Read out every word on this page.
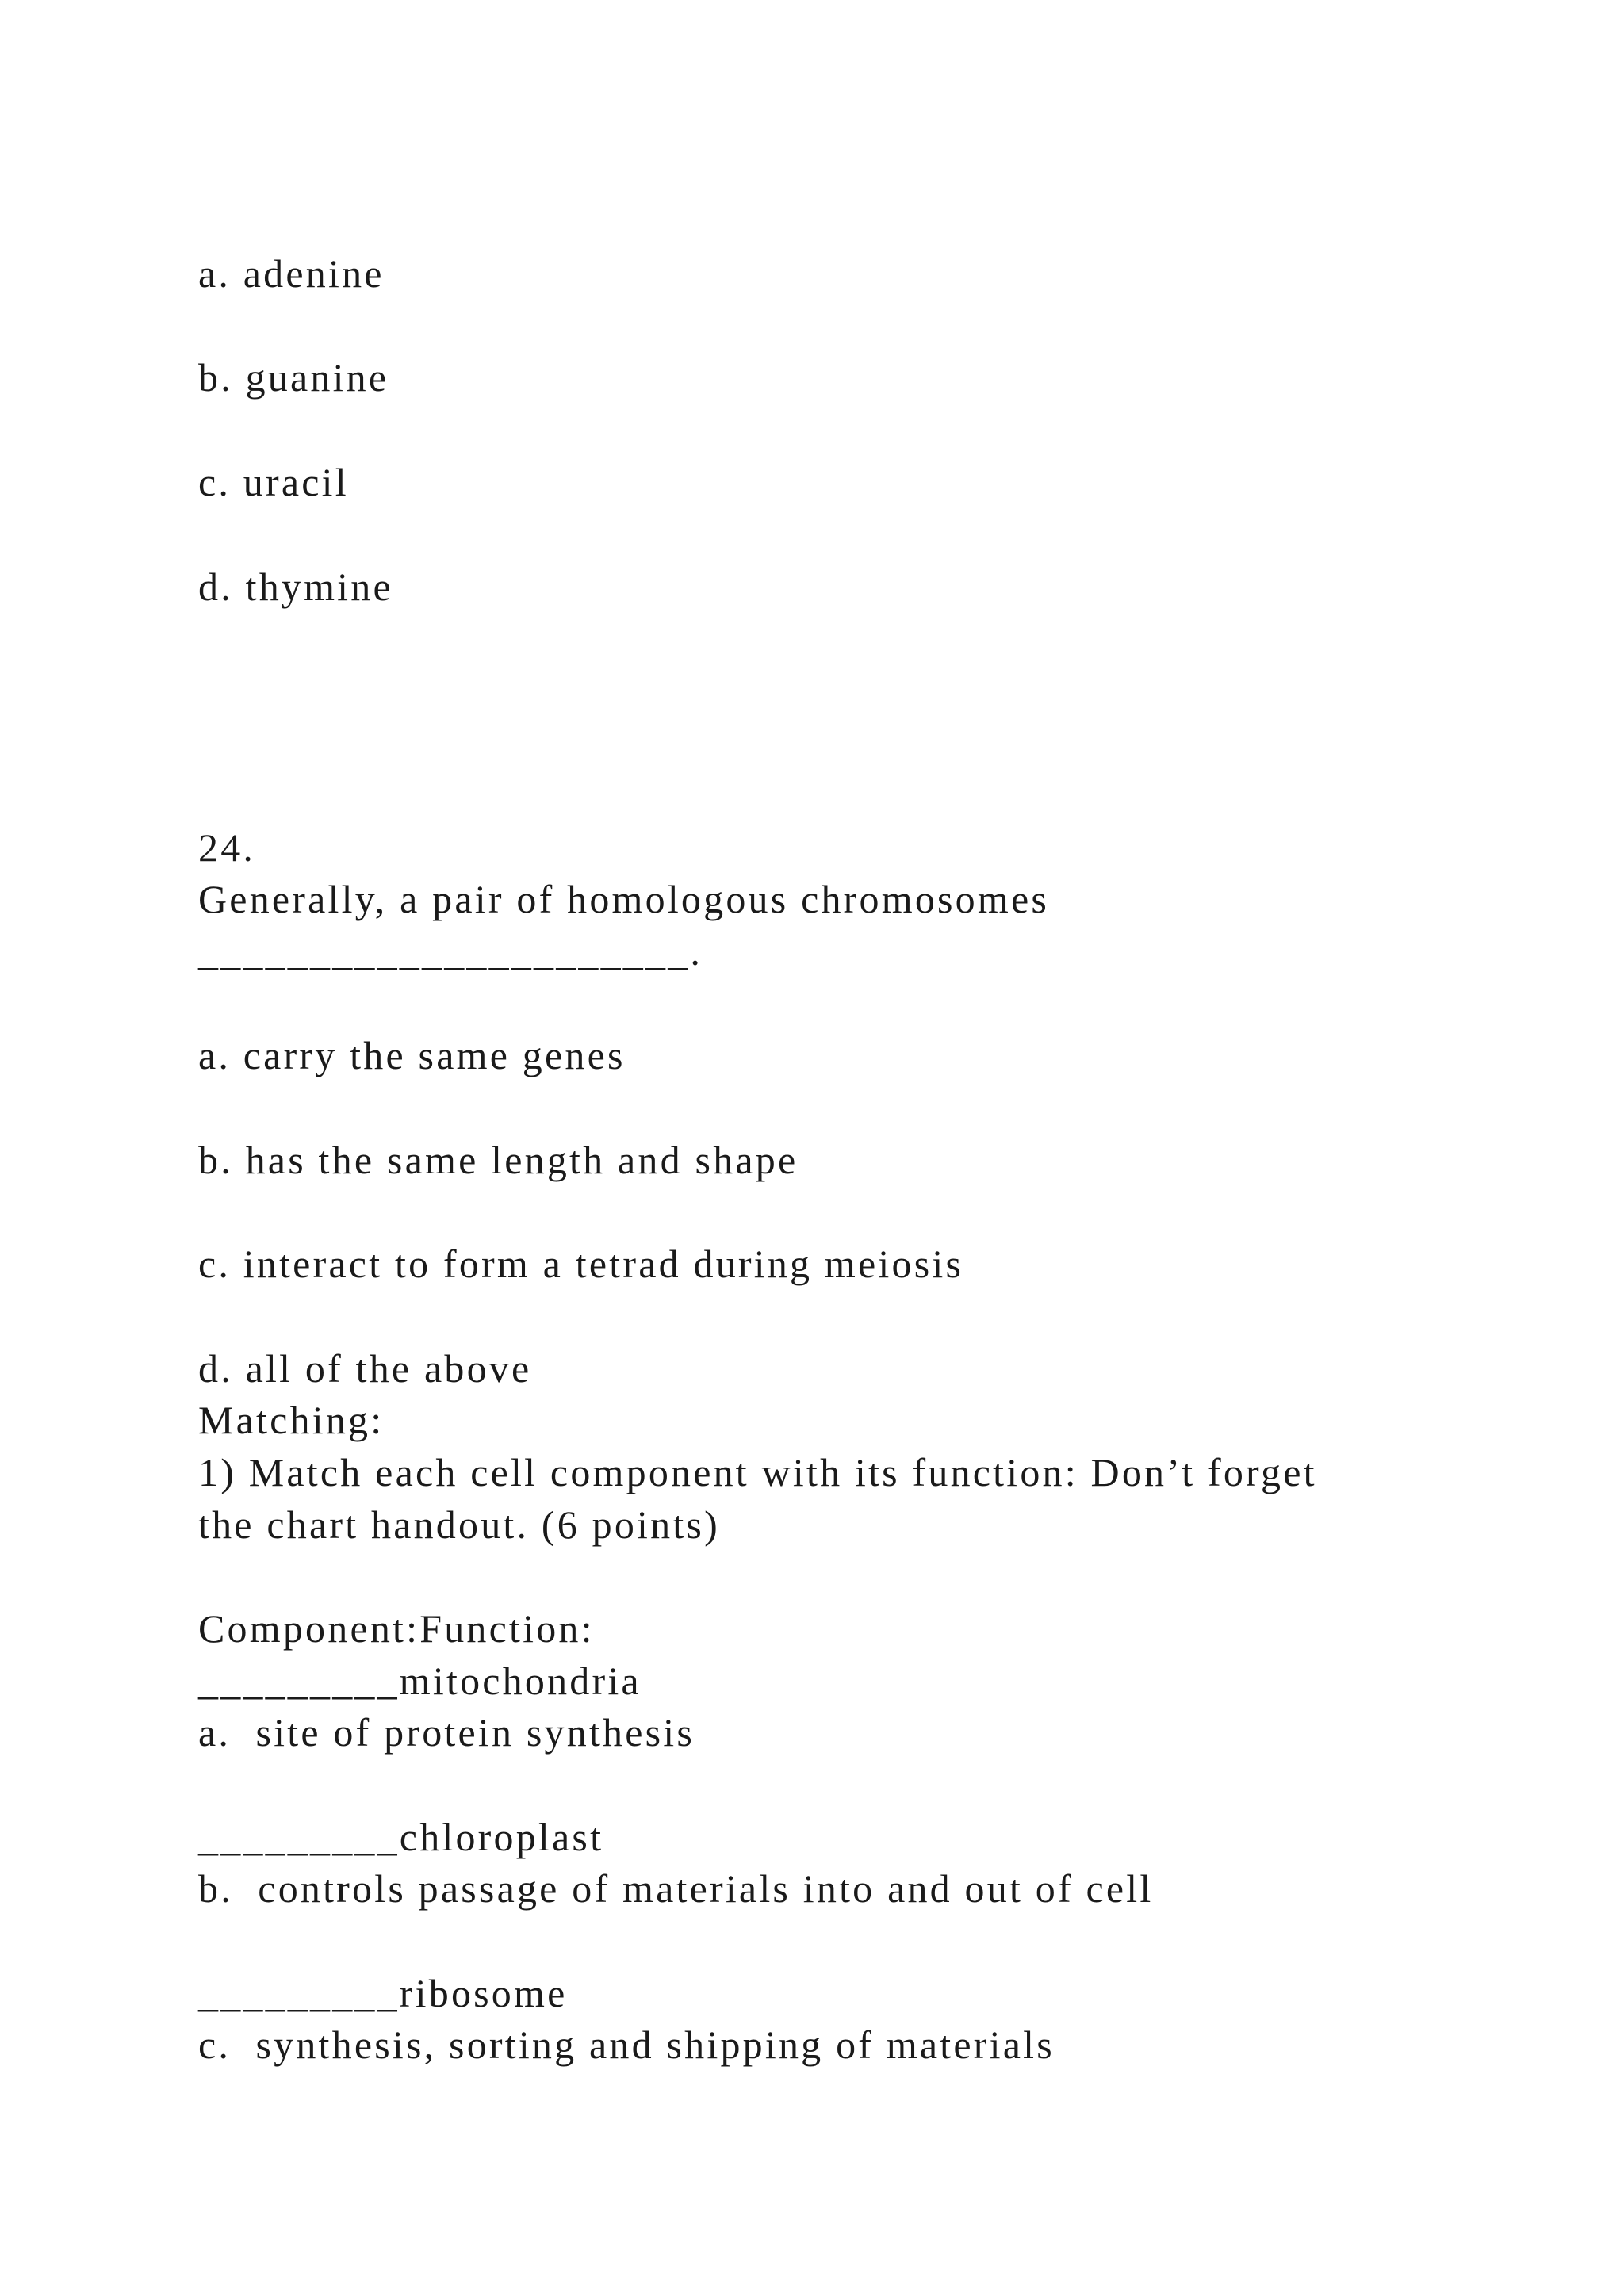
a. adenine
b. guanine
c. uracil
d. thymine
24.
Generally, a pair of homologous chromosomes
______________________.
a. carry the same genes
b. has the same length and shape
c. interact to form a tetrad during meiosis
d. all of the above
Matching:
1) Match each cell component with its function: Don’t forget
the chart handout. (6 points)
Component:Function:
_________mitochondria
a.  site of protein synthesis
_________chloroplast
b.  controls passage of materials into and out of cell
_________ribosome
c.  synthesis, sorting and shipping of materials
